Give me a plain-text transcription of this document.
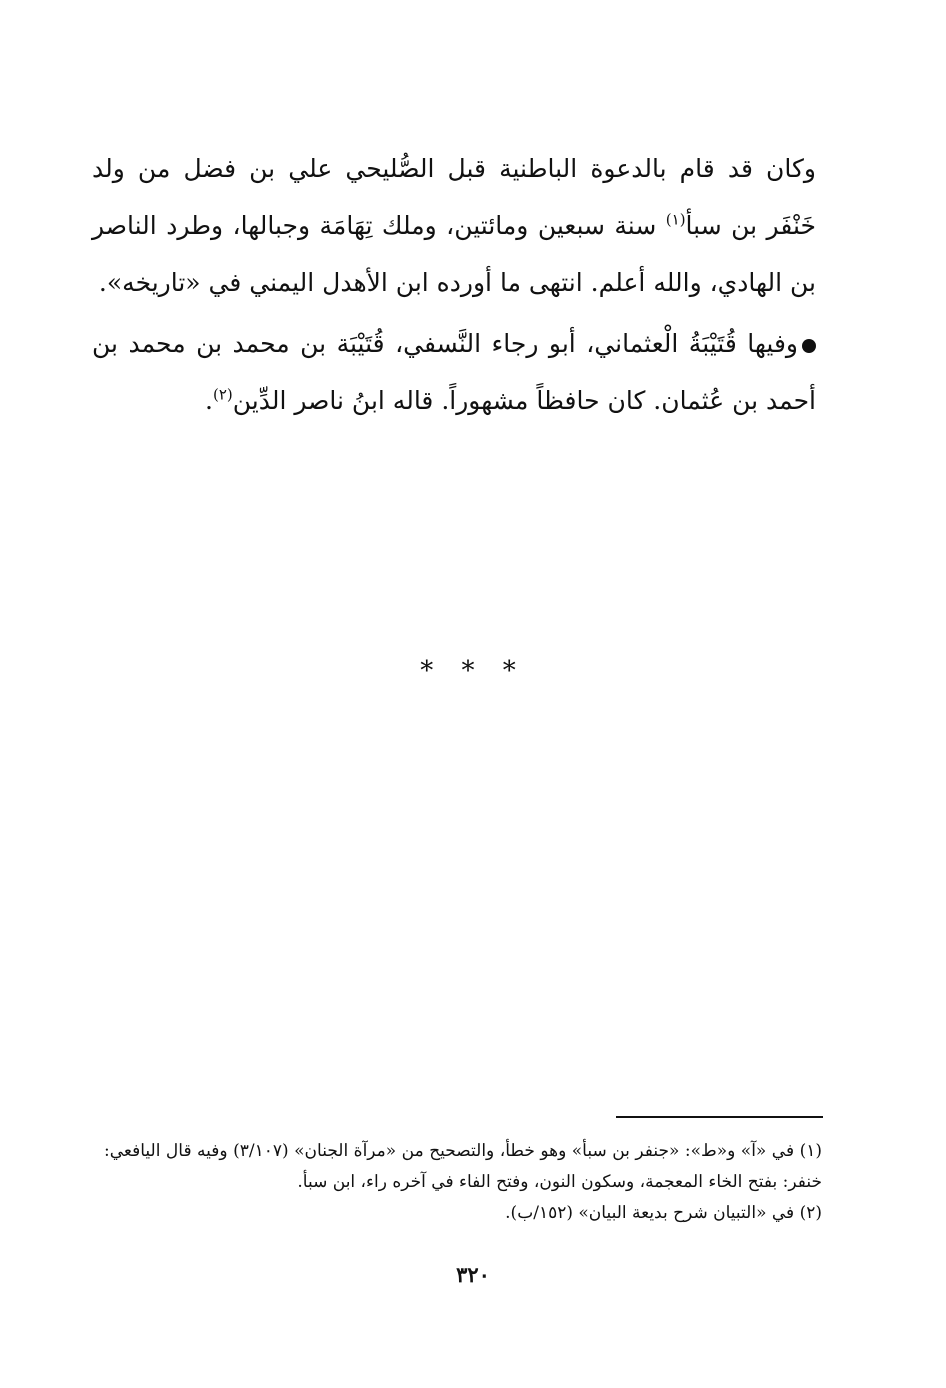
وكان قد قام بالدعوة الباطنية قبل الصُّليحي علي بن فضل من ولد خَنْفَر بن سبأ$^{(١)}$ سنة سبعين ومائتين، وملك تِهَامَة وجبالها، وطرد الناصر بن الهادي، والله أعلم. انتهى ما أورده ابن الأهدل اليمني في «تاريخه».

وفيها قُتَيْبَةُ الْعثماني، أبو رجاء النَّسفي، قُتَيْبَة بن محمد بن محمد بن أحمد بن عُثمان. كان حافظاً مشهوراً. قاله ابنُ ناصر الدِّين$^{(٢)}$.

* * *

(١) في «آ» و«ط»: «جنفر بن سبأ» وهو خطأ، والتصحيح من «مرآة الجنان» (٣/١٠٧) وفيه قال اليافعي: خنفر: بفتح الخاء المعجمة، وسكون النون، وفتح الفاء في آخره راء، ابن سبأ.

(٢) في «التبيان شرح بديعة البيان» (١٥٢/ب).

٣٢٠
